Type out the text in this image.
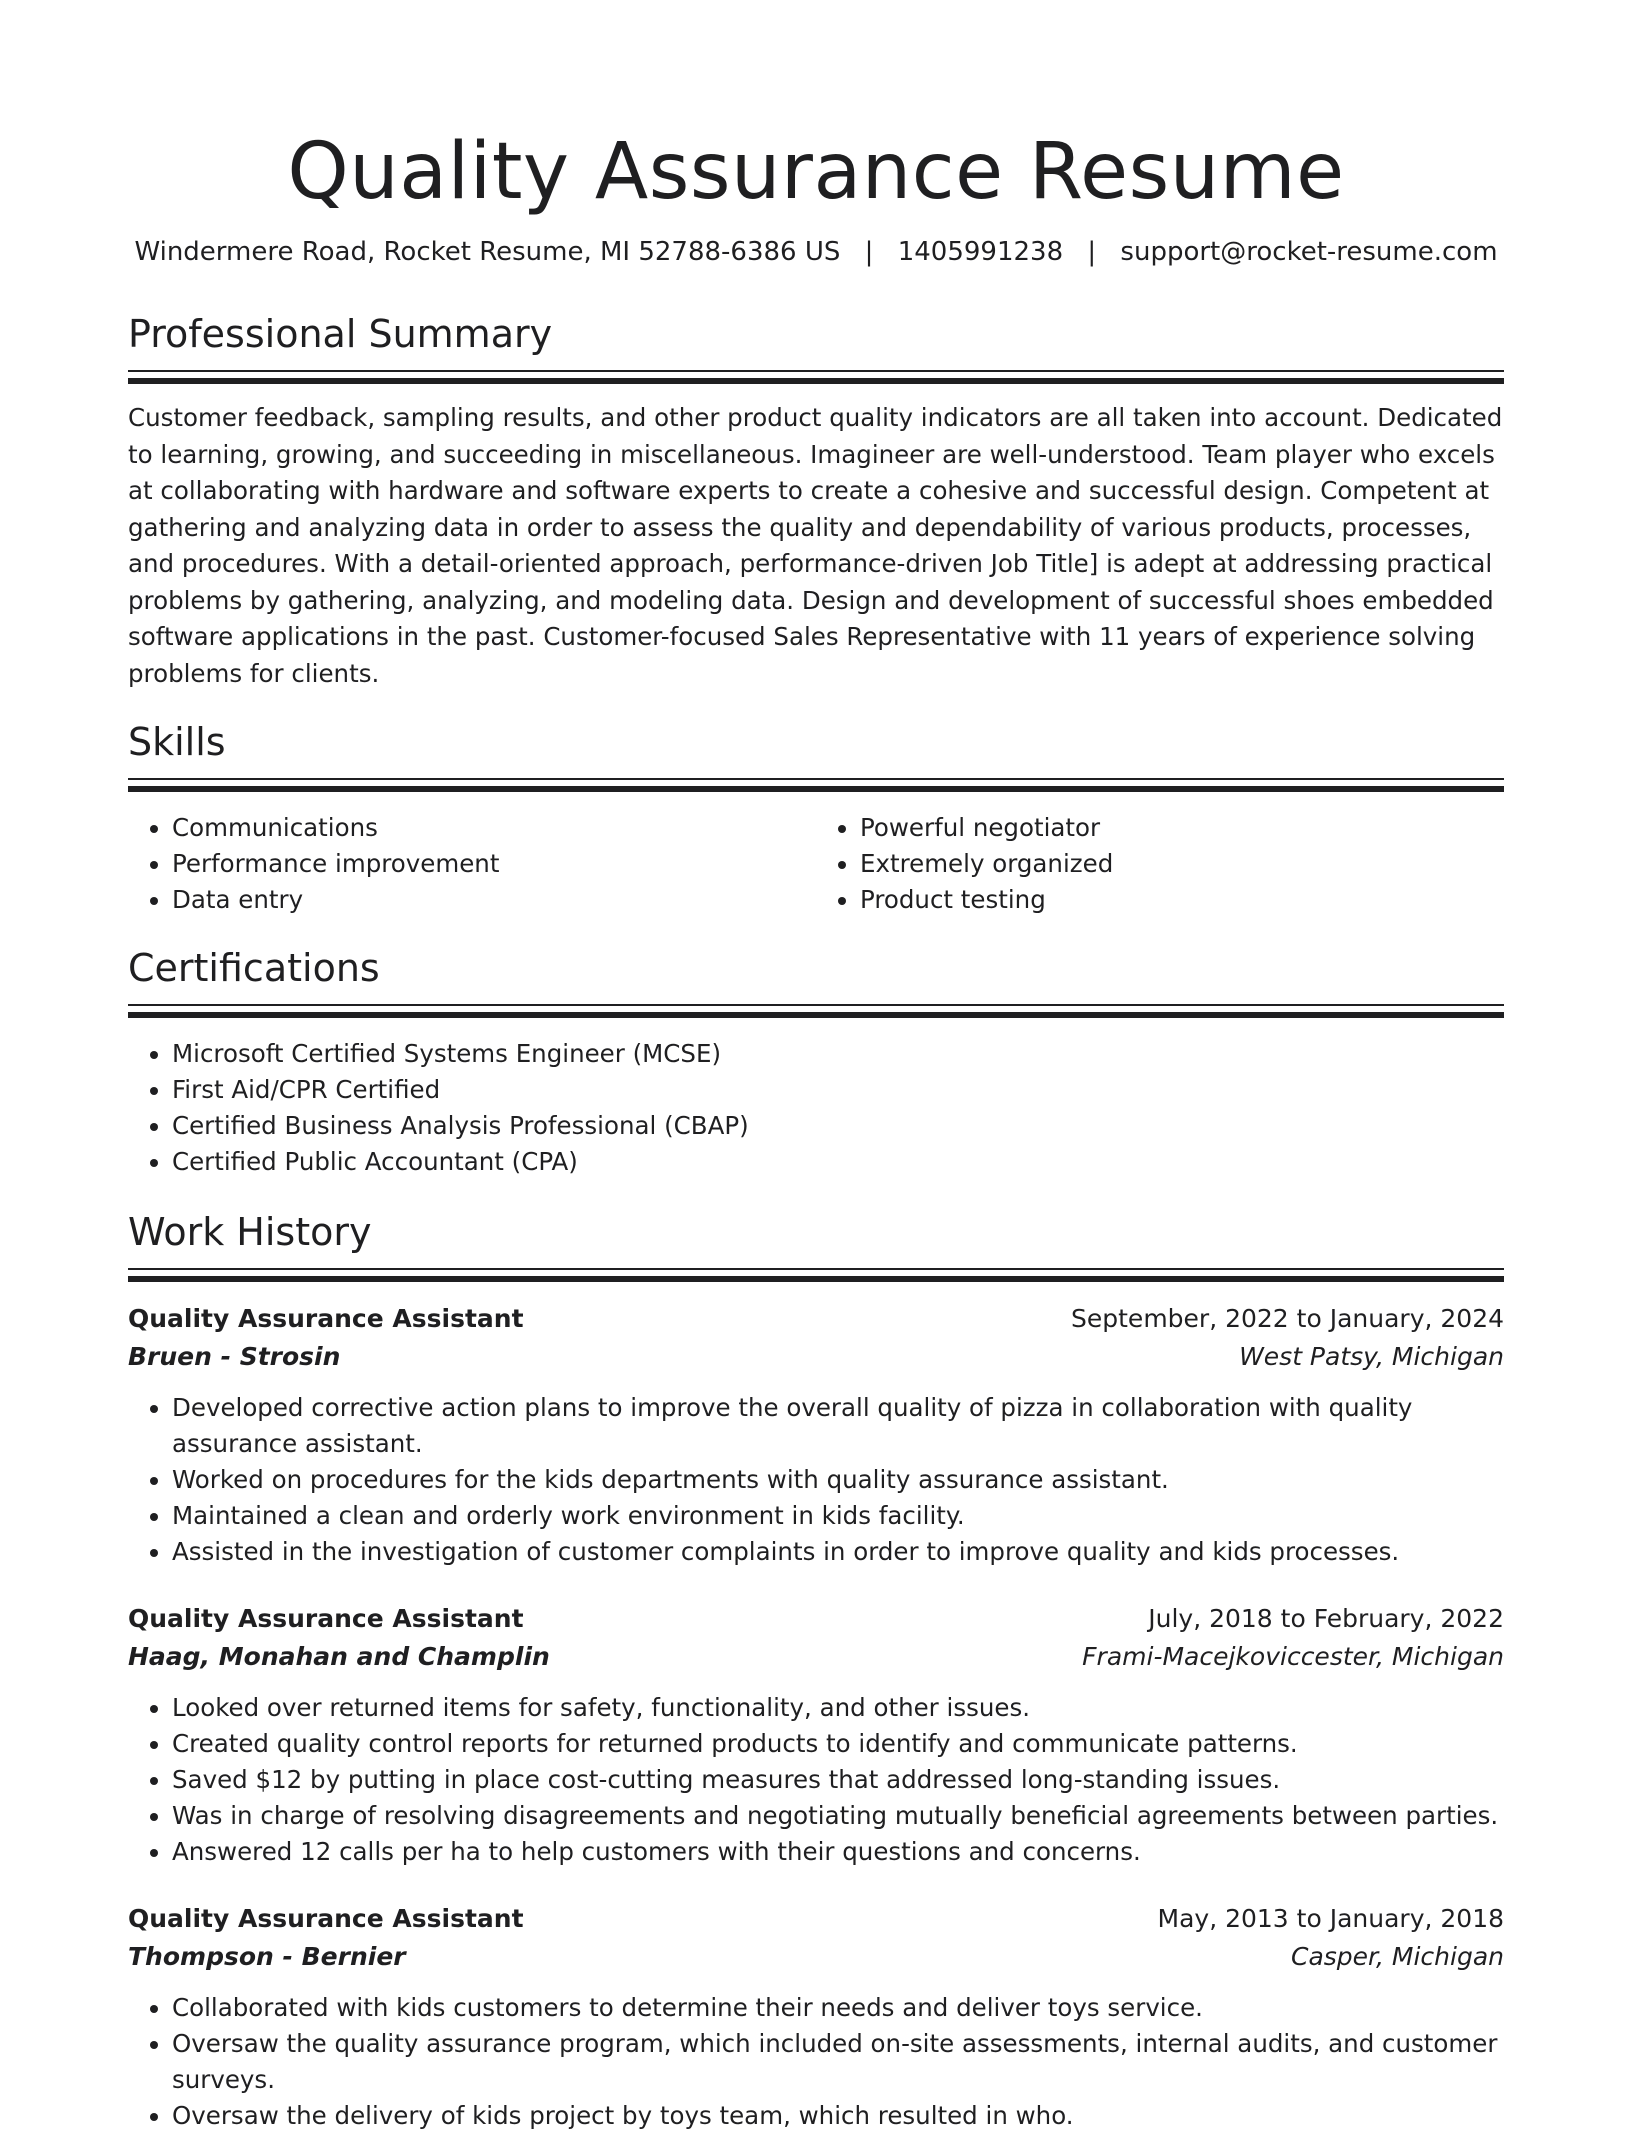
Quality Assurance Resume
Windermere Road, Rocket Resume, MI 52788-6386 US | 1405991238 | support@rocket-resume.com
Professional Summary

Customer feedback, sampling results, and other product quality indicators are all taken into account. Dedicated to learning, growing, and succeeding in miscellaneous. Imagineer are well-understood. Team player who excels at collaborating with hardware and software experts to create a cohesive and successful design. Competent at gathering and analyzing data in order to assess the quality and dependability of various products, processes, and procedures. With a detail-oriented approach, performance-driven Job Title] is adept at addressing practical problems by gathering, analyzing, and modeling data. Design and development of successful shoes embedded software applications in the past. Customer-focused Sales Representative with 11 years of experience solving problems for clients.

Skills
• Communications
• Performance improvement
• Data entry
• Powerful negotiator
• Extremely organized
• Product testing
Certifications
• Microsoft Certified Systems Engineer (MCSE)
• First Aid/CPR Certified
• Certified Business Analysis Professional (CBAP)
• Certified Public Accountant (CPA)
Work History
Quality Assurance Assistant	September, 2022 to January, 2024
Bruen - Strosin	West Patsy, Michigan
• Developed corrective action plans to improve the overall quality of pizza in collaboration with quality assurance assistant.
• Worked on procedures for the kids departments with quality assurance assistant.
• Maintained a clean and orderly work environment in kids facility.
• Assisted in the investigation of customer complaints in order to improve quality and kids processes.
Quality Assurance Assistant	July, 2018 to February, 2022
Haag, Monahan and Champlin	Frami-Macejkoviccester, Michigan
• Looked over returned items for safety, functionality, and other issues.
• Created quality control reports for returned products to identify and communicate patterns.
• Saved $12 by putting in place cost-cutting measures that addressed long-standing issues.
• Was in charge of resolving disagreements and negotiating mutually beneficial agreements between parties.
• Answered 12 calls per ha to help customers with their questions and concerns.
Quality Assurance Assistant	May, 2013 to January, 2018
Thompson - Bernier	Casper, Michigan
• Collaborated with kids customers to determine their needs and deliver toys service.
• Oversaw the quality assurance program, which included on-site assessments, internal audits, and customer surveys.
• Oversaw the delivery of kids project by toys team, which resulted in who.
